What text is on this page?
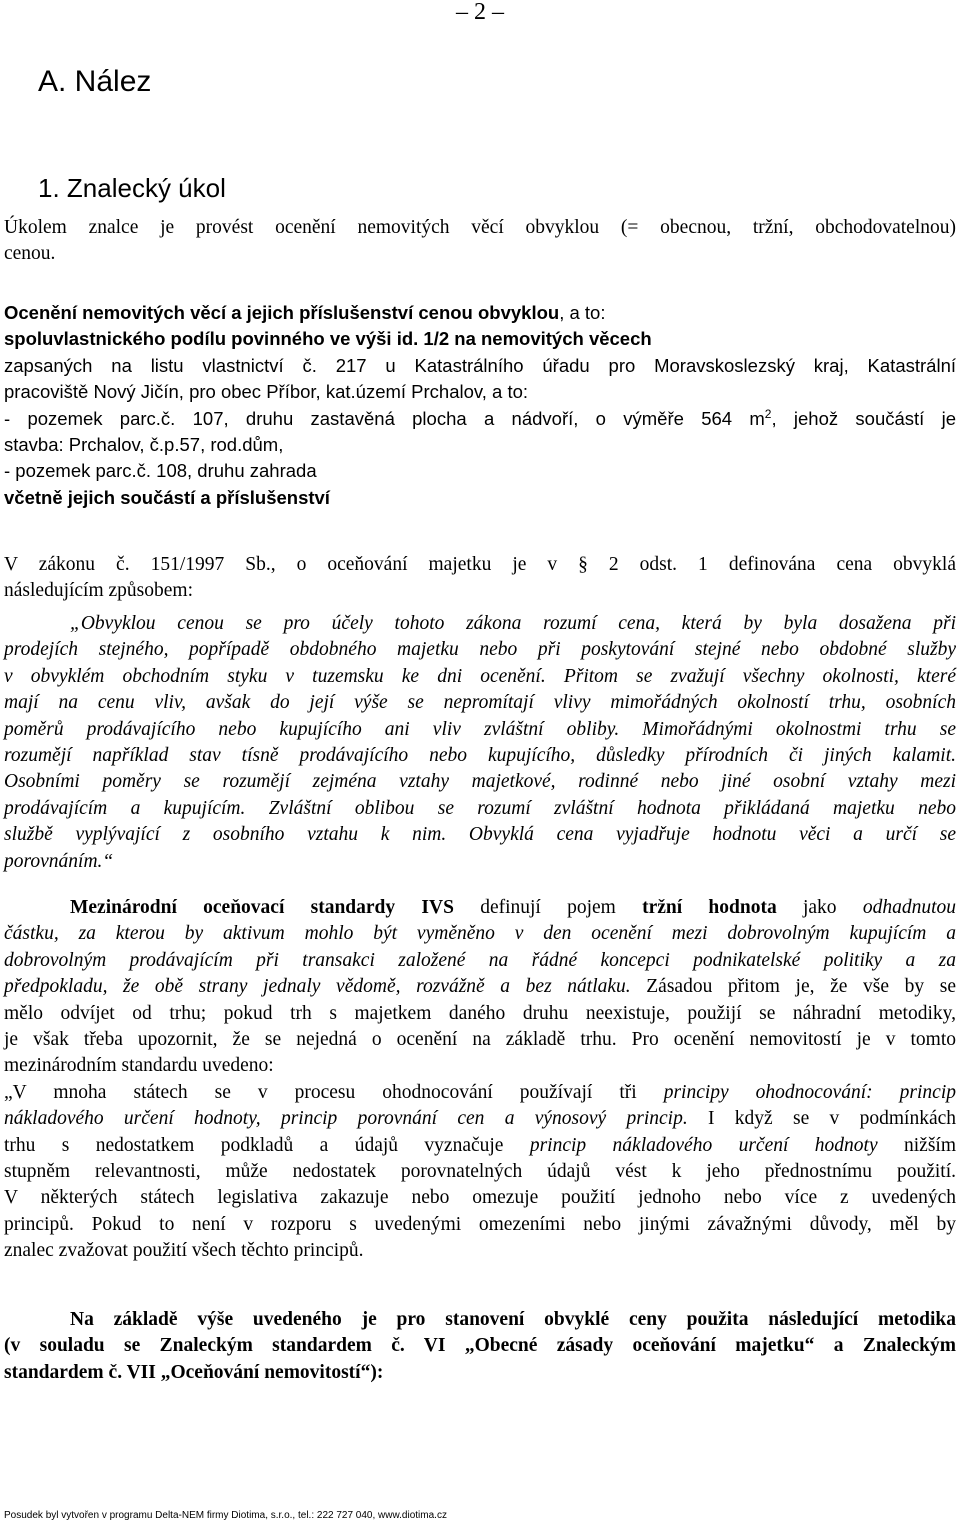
– 2 –
A. Nález
1. Znalecký úkol

Úkolem znalce je provést ocenění nemovitých věcí obvyklou (= obecnou, tržní, obchodovatelnou)

cenou.

Ocenění nemovitých věcí a jejich příslušenství cenou obvyklou, a to:

spoluvlastnického podílu povinného ve výši id. 1/2 na nemovitých věcech

zapsaných na listu vlastnictví č. 217 u Katastrálního úřadu pro Moravskoslezský kraj, Katastrální

pracoviště Nový Jičín, pro obec Příbor, kat.území Prchalov, a to:

- pozemek parc.č. 107, druhu zastavěná plocha a nádvoří, o výměře 564 $m^2$, jehož součástí je

stavba: Prchalov, č.p.57, rod.dům,

- pozemek parc.č. 108, druhu zahrada

včetně jejich součástí a příslušenství

V zákonu č. 151/1997 Sb., o oceňování majetku je v § 2 odst. 1 definována cena obvyklá

následujícím způsobem:

„Obvyklou cenou se pro účely tohoto zákona rozumí cena, která by byla dosažena při

prodejích stejného, popřípadě obdobného majetku nebo při poskytování stejné nebo obdobné služby

v obvyklém obchodním styku v tuzemsku ke dni ocenění. Přitom se zvažují všechny okolnosti, které

mají na cenu vliv, avšak do její výše se nepromítají vlivy mimořádných okolností trhu, osobních

poměrů prodávajícího nebo kupujícího ani vliv zvláštní obliby. Mimořádnými okolnostmi trhu se

rozumějí například stav tísně prodávajícího nebo kupujícího, důsledky přírodních či jiných kalamit.

Osobními poměry se rozumějí zejména vztahy majetkové, rodinné nebo jiné osobní vztahy mezi

prodávajícím a kupujícím. Zvláštní oblibou se rozumí zvláštní hodnota přikládaná majetku nebo

službě vyplývající z osobního vztahu k nim. Obvyklá cena vyjadřuje hodnotu věci a určí se

porovnáním.“

Mezinárodní oceňovací standardy IVS definují pojem tržní hodnota jako odhadnutou

částku, za kterou by aktivum mohlo být vyměněno v den ocenění mezi dobrovolným kupujícím a

dobrovolným prodávajícím při transakci založené na řádné koncepci podnikatelské politiky a za

předpokladu, že obě strany jednaly vědomě, rozvážně a bez nátlaku. Zásadou přitom je, že vše by se

mělo odvíjet od trhu; pokud trh s majetkem daného druhu neexistuje, použijí se náhradní metodiky,

je však třeba upozornit, že se nejedná o ocenění na základě trhu. Pro ocenění nemovitostí je v tomto

mezinárodním standardu uvedeno:

„V mnoha státech se v procesu ohodnocování používají tři principy ohodnocování: princip

nákladového určení hodnoty, princip porovnání cen a výnosový princip. I když se v podmínkách

trhu s nedostatkem podkladů a údajů vyznačuje princip nákladového určení hodnoty nižším

stupněm relevantnosti, může nedostatek porovnatelných údajů vést k jeho přednostnímu použití.

V některých státech legislativa zakazuje nebo omezuje použití jednoho nebo více z uvedených

principů. Pokud to není v rozporu s uvedenými omezeními nebo jinými závažnými důvody, měl by

znalec zvažovat použití všech těchto principů.

Na základě výše uvedeného je pro stanovení obvyklé ceny použita následující metodika

(v souladu se Znaleckým standardem č. VI „Obecné zásady oceňování majetku“ a Znaleckým

standardem č. VII „Oceňování nemovitostí“):

Posudek byl vytvořen v programu Delta-NEM firmy Diotima, s.r.o., tel.: 222 727 040, www.diotima.cz
